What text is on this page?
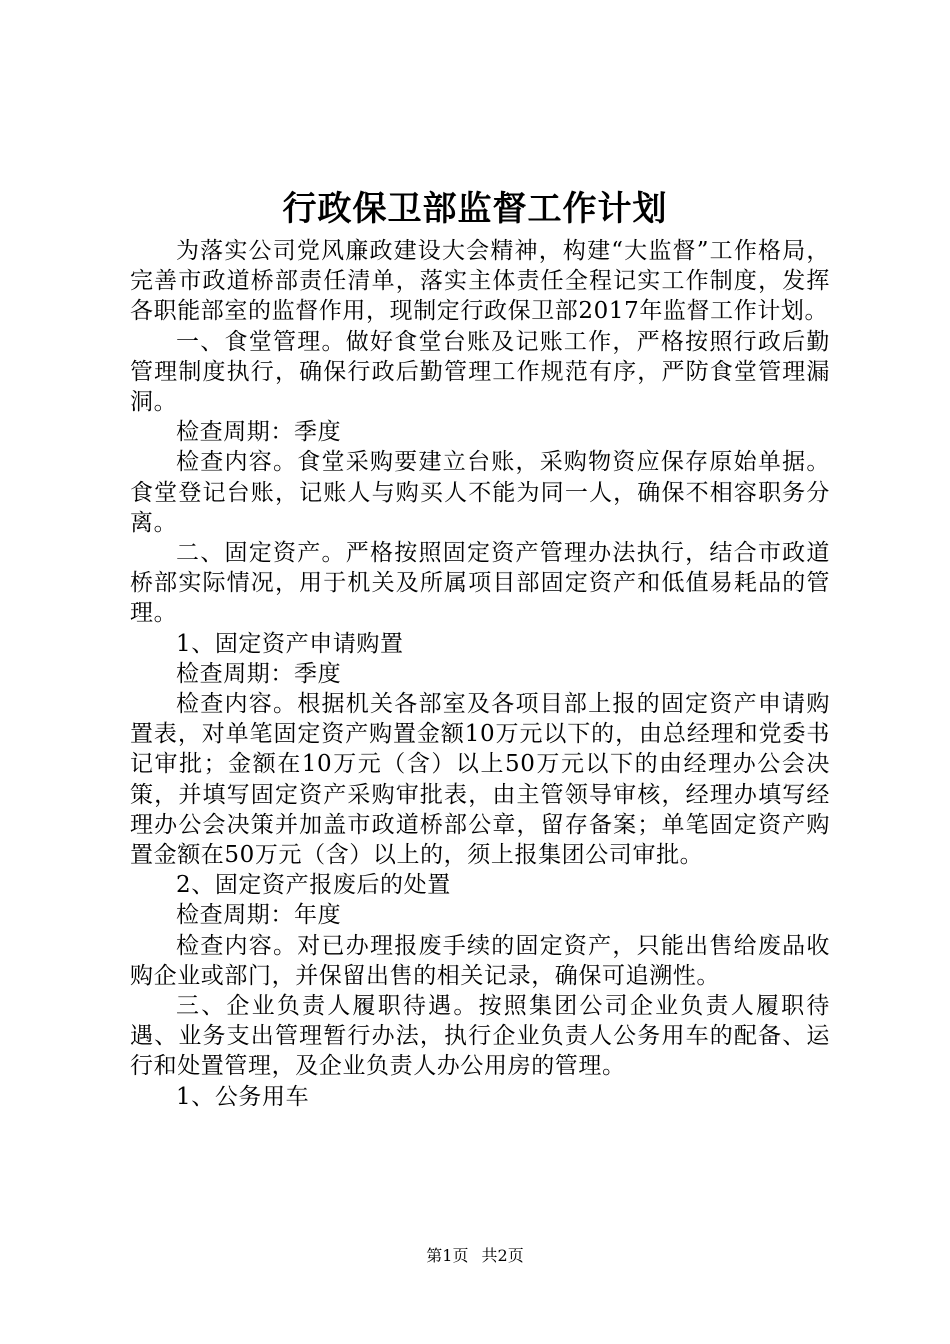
行政保卫部监督工作计划

为落实公司党风廉政建设大会精神，构建“大监督”工作格局，完善市政道桥部责任清单，落实主体责任全程记实工作制度，发挥各职能部室的监督作用，现制定行政保卫部2017年监督工作计划。

一、食堂管理。做好食堂台账及记账工作，严格按照行政后勤管理制度执行，确保行政后勤管理工作规范有序，严防食堂管理漏洞。

检查周期：季度

检查内容。食堂采购要建立台账，采购物资应保存原始单据。食堂登记台账，记账人与购买人不能为同一人，确保不相容职务分离。

二、固定资产。严格按照固定资产管理办法执行，结合市政道桥部实际情况，用于机关及所属项目部固定资产和低值易耗品的管理。

1、固定资产申请购置

检查周期：季度

检查内容。根据机关各部室及各项目部上报的固定资产申请购置表，对单笔固定资产购置金额10万元以下的，由总经理和党委书记审批；金额在10万元（含）以上50万元以下的由经理办公会决策，并填写固定资产采购审批表，由主管领导审核，经理办填写经理办公会决策并加盖市政道桥部公章，留存备案；单笔固定资产购置金额在50万元（含）以上的，须上报集团公司审批。

2、固定资产报废后的处置

检查周期：年度

检查内容。对已办理报废手续的固定资产，只能出售给废品收购企业或部门，并保留出售的相关记录，确保可追溯性。

三、企业负责人履职待遇。按照集团公司企业负责人履职待遇、业务支出管理暂行办法，执行企业负责人公务用车的配备、运行和处置管理，及企业负责人办公用房的管理。

1、公务用车

第1页 共2页
